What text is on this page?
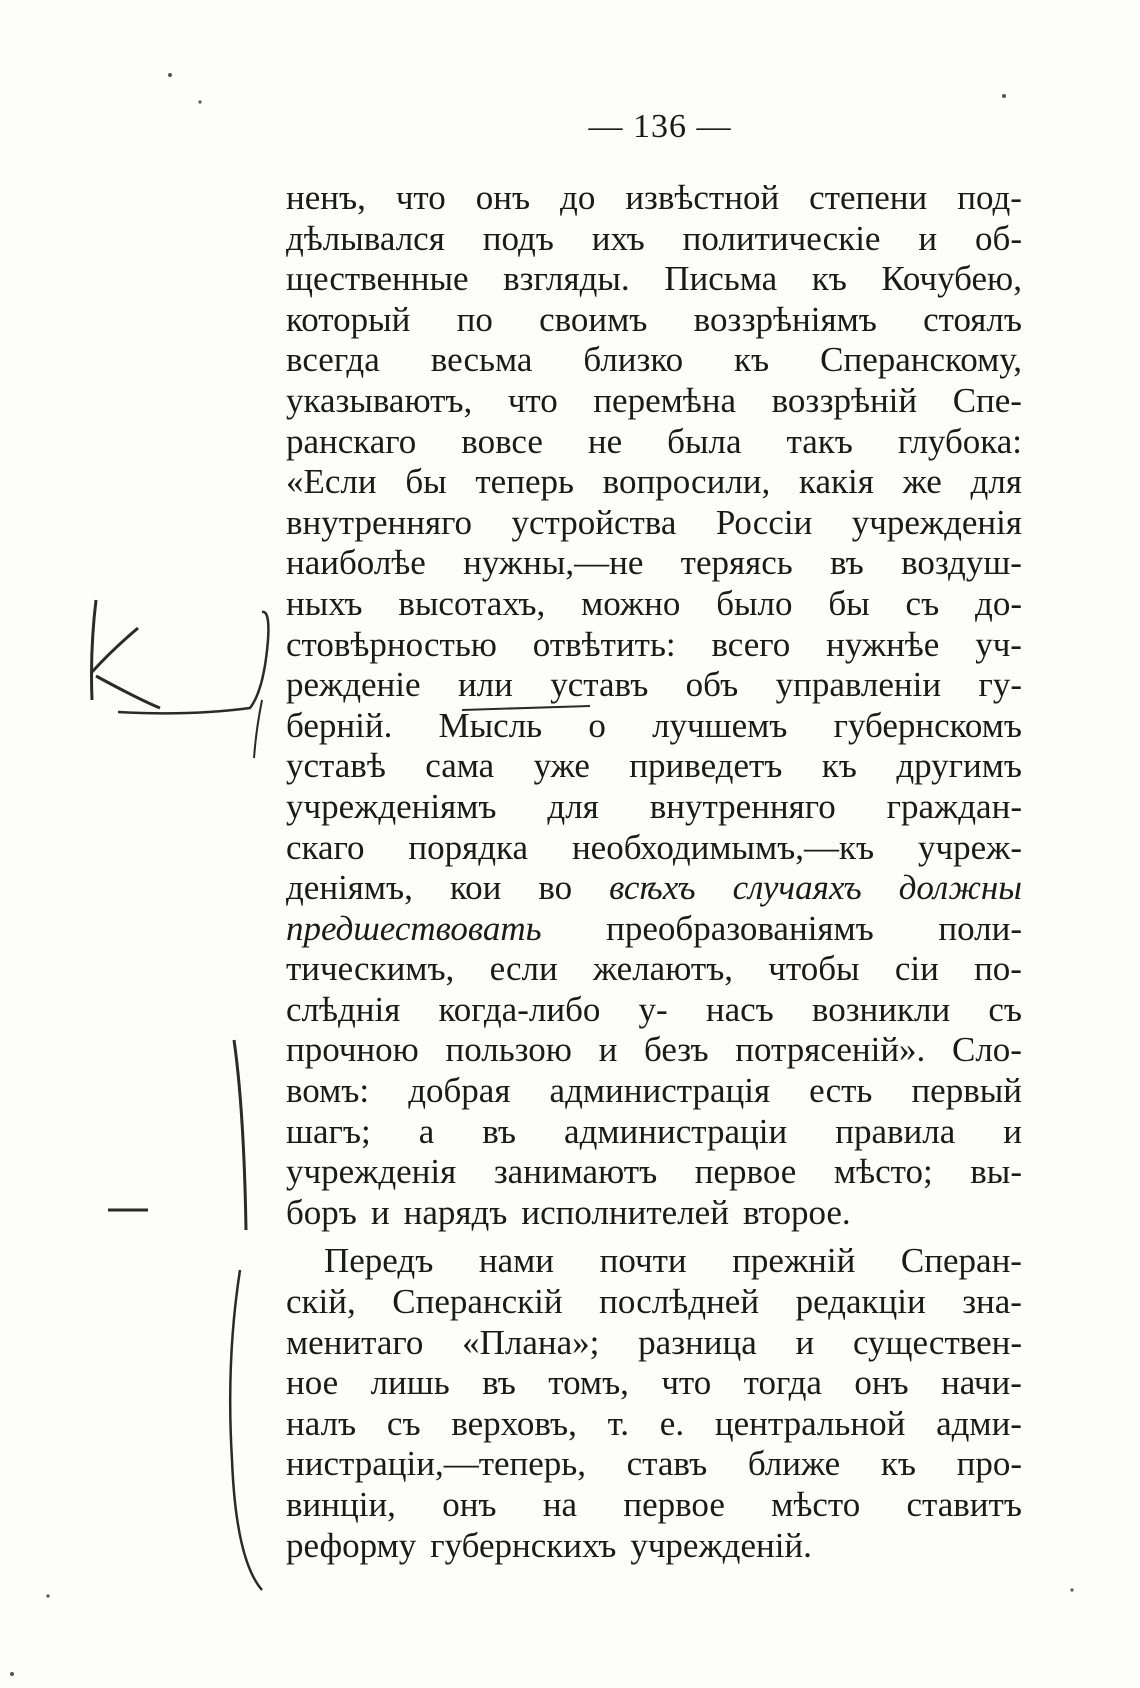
— 136 —
ненъ, что онъ до извѣстной степени под-
дѣлывался подъ ихъ политическіе и об-
щественные взгляды. Письма къ Кочубею,
который по своимъ воззрѣніямъ стоялъ
всегда весьма близко къ Сперанскому,
указываютъ, что перемѣна воззрѣній Спе-
ранскаго вовсе не была такъ глубока:
«Если бы теперь вопросили, какія же для
внутренняго устройства Россіи учрежденія
наиболѣе нужны,—не теряясь въ воздуш-
ныхъ высотахъ, можно было бы съ до-
стовѣрностью отвѣтить: всего нужнѣе уч-
режденіе или уставъ объ управленіи гу-
берній. Мысль о лучшемъ губернскомъ
уставѣ сама уже приведетъ къ другимъ
учрежденіямъ для внутренняго граждан-
скаго порядка необходимымъ,—къ учреж-
деніямъ, кои во всѣхъ случаяхъ должны
предшествовать преобразованіямъ поли-
тическимъ, если желаютъ, чтобы сіи по-
слѣднія когда-либо у- насъ возникли съ
прочною пользою и безъ потрясеній». Сло-
вомъ: добрая администрація есть первый
шагъ; а въ администраціи правила и
учрежденія занимаютъ первое мѣсто; вы-
боръ и нарядъ исполнителей второе.
Передъ нами почти прежній Сперан-
скій, Сперанскій послѣдней редакціи зна-
менитаго «Плана»; разница и существен-
ное лишь въ томъ, что тогда онъ начи-
налъ съ верховъ, т. е. центральной адми-
нистраціи,—теперь, ставъ ближе къ про-
винціи, онъ на первое мѣсто ставитъ
реформу губернскихъ учрежденій.
